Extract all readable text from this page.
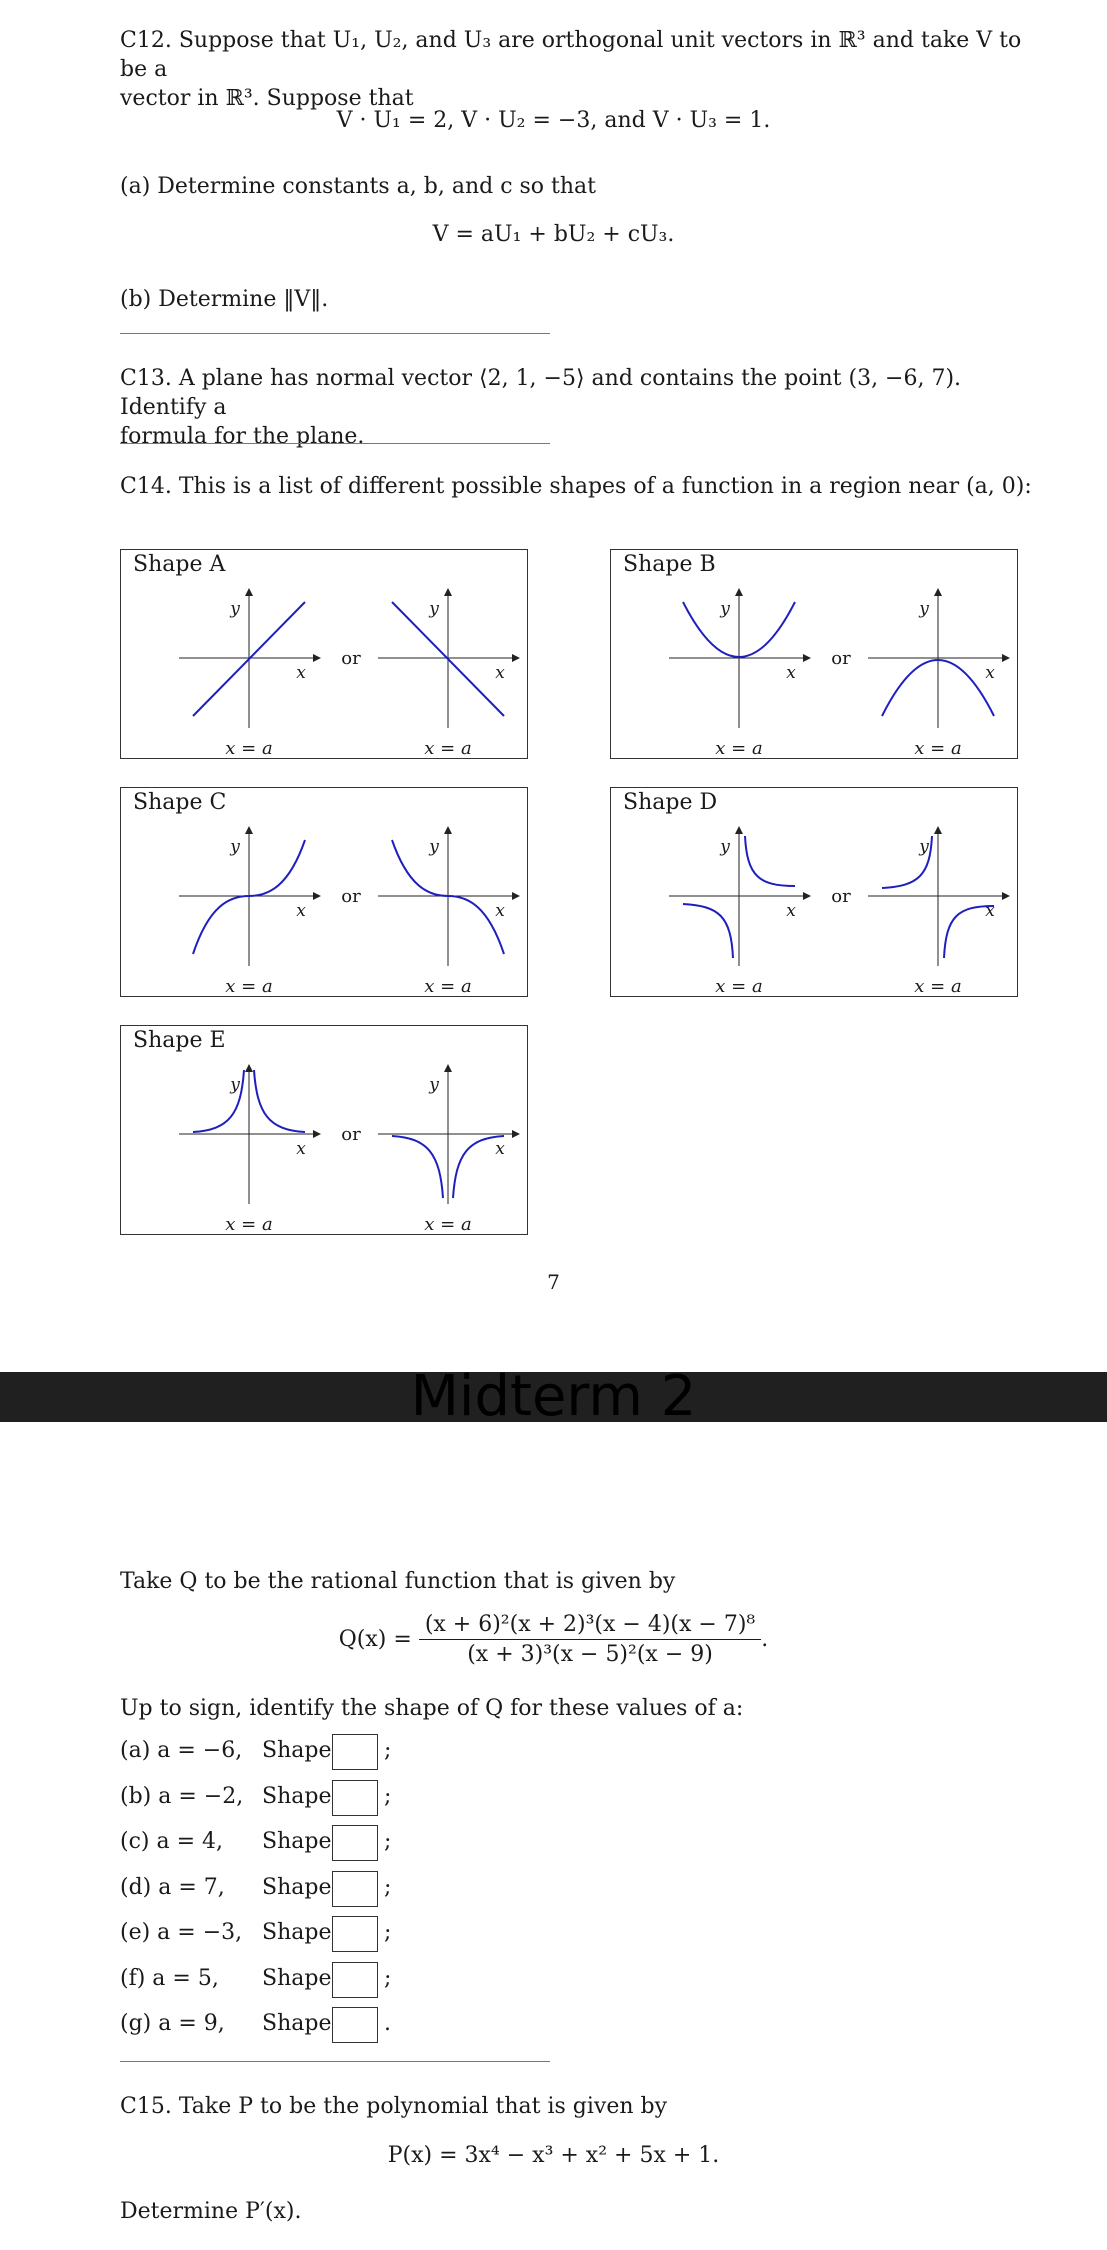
C12. Suppose that U₁, U₂, and U₃ are orthogonal unit vectors in ℝ³ and take V to be a
vector in ℝ³. Suppose that
V · U₁ = 2, V · U₂ = −3, and V · U₃ = 1.
(a) Determine constants a, b, and c so that
V = aU₁ + bU₂ + cU₃.
(b) Determine ‖V‖.
C13. A plane has normal vector ⟨2, 1, −5⟩ and contains the point (3, −6, 7). Identify a
formula for the plane.
C14. This is a list of different possible shapes of a function in a region near (a, 0):
Shape A
x
y
x = a
x
y
x = a
or
Shape B
x
y
x = a
x
y
x = a
or
Shape C
x
y
x = a
x
y
x = a
or
Shape D
x
y
x = a
x
y
x = a
or
Shape E
x
y
x = a
x
y
x = a
or
7
Midterm 2
Take Q to be the rational function that is given by
$Q(x) = \frac{\text{(x + 6)²(x + 2)³(x − 4)(x − 7)⁸}}{\text{(x + 3)³(x − 5)²(x − 9)}}$ .
Up to sign, identify the shape of Q for these values of a:
(a) a = −6, Shape ;
(b) a = −2, Shape ;
(c) a = 4, Shape ;
(d) a = 7, Shape ;
(e) a = −3, Shape ;
(f) a = 5, Shape ;
(g) a = 9, Shape .
C15. Take P to be the polynomial that is given by
P(x) = 3x⁴ − x³ + x² + 5x + 1.
Determine P′(x).
